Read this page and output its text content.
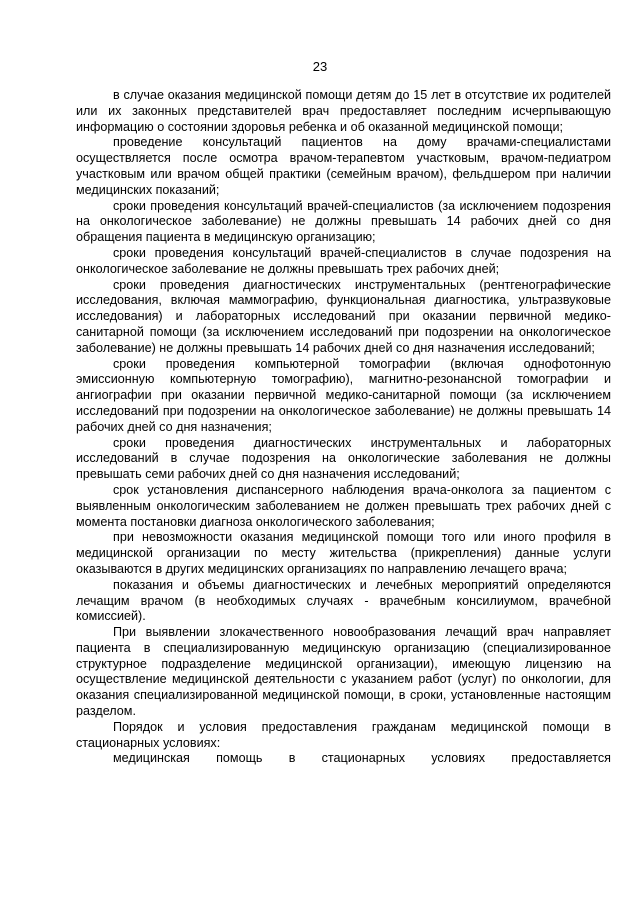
23

в случае оказания медицинской помощи детям до 15 лет в отсутствие их родителей или их законных представителей врач предоставляет последним исчерпывающую информацию о состоянии здоровья ребенка и об оказанной медицинской помощи;

проведение консультаций пациентов на дому врачами-специалистами осуществляется после осмотра врачом-терапевтом участковым, врачом-педиатром участковым или врачом общей практики (семейным врачом), фельдшером при наличии медицинских показаний;

сроки проведения консультаций врачей-специалистов (за исключением подозрения на онкологическое заболевание) не должны превышать 14 рабочих дней со дня обращения пациента в медицинскую организацию;

сроки проведения консультаций врачей-специалистов в случае подозрения на онкологическое заболевание не должны превышать трех рабочих дней;

сроки проведения диагностических инструментальных (рентгенографические исследования, включая маммографию, функциональная диагностика, ультразвуковые исследования) и лабораторных исследований при оказании первичной медико-санитарной помощи (за исключением исследований при подозрении на онкологическое заболевание) не должны превышать 14 рабочих дней со дня назначения исследований;

сроки проведения компьютерной томографии (включая однофотонную эмиссионную компьютерную томографию), магнитно-резонансной томографии и ангиографии при оказании первичной медико-санитарной помощи (за исключением исследований при подозрении на онкологическое заболевание) не должны превышать 14 рабочих дней со дня назначения;

сроки проведения диагностических инструментальных и лабораторных исследований в случае подозрения на онкологические заболевания не должны превышать семи рабочих дней со дня назначения исследований;

срок установления диспансерного наблюдения врача-онколога за пациентом с выявленным онкологическим заболеванием не должен превышать трех рабочих дней с момента постановки диагноза онкологического заболевания;

при невозможности оказания медицинской помощи того или иного профиля в медицинской организации по месту жительства (прикрепления) данные услуги оказываются в других медицинских организациях по направлению лечащего врача;

показания и объемы диагностических и лечебных мероприятий определяются лечащим врачом (в необходимых случаях - врачебным консилиумом, врачебной комиссией).

При выявлении злокачественного новообразования лечащий врач направляет пациента в специализированную медицинскую организацию (специализированное структурное подразделение медицинской организации), имеющую лицензию на осуществление медицинской деятельности с указанием работ (услуг) по онкологии, для оказания специализированной медицинской помощи, в сроки, установленные настоящим разделом.

Порядок и условия предоставления гражданам медицинской помощи в стационарных условиях:

медицинская помощь в стационарных условиях предоставляется
